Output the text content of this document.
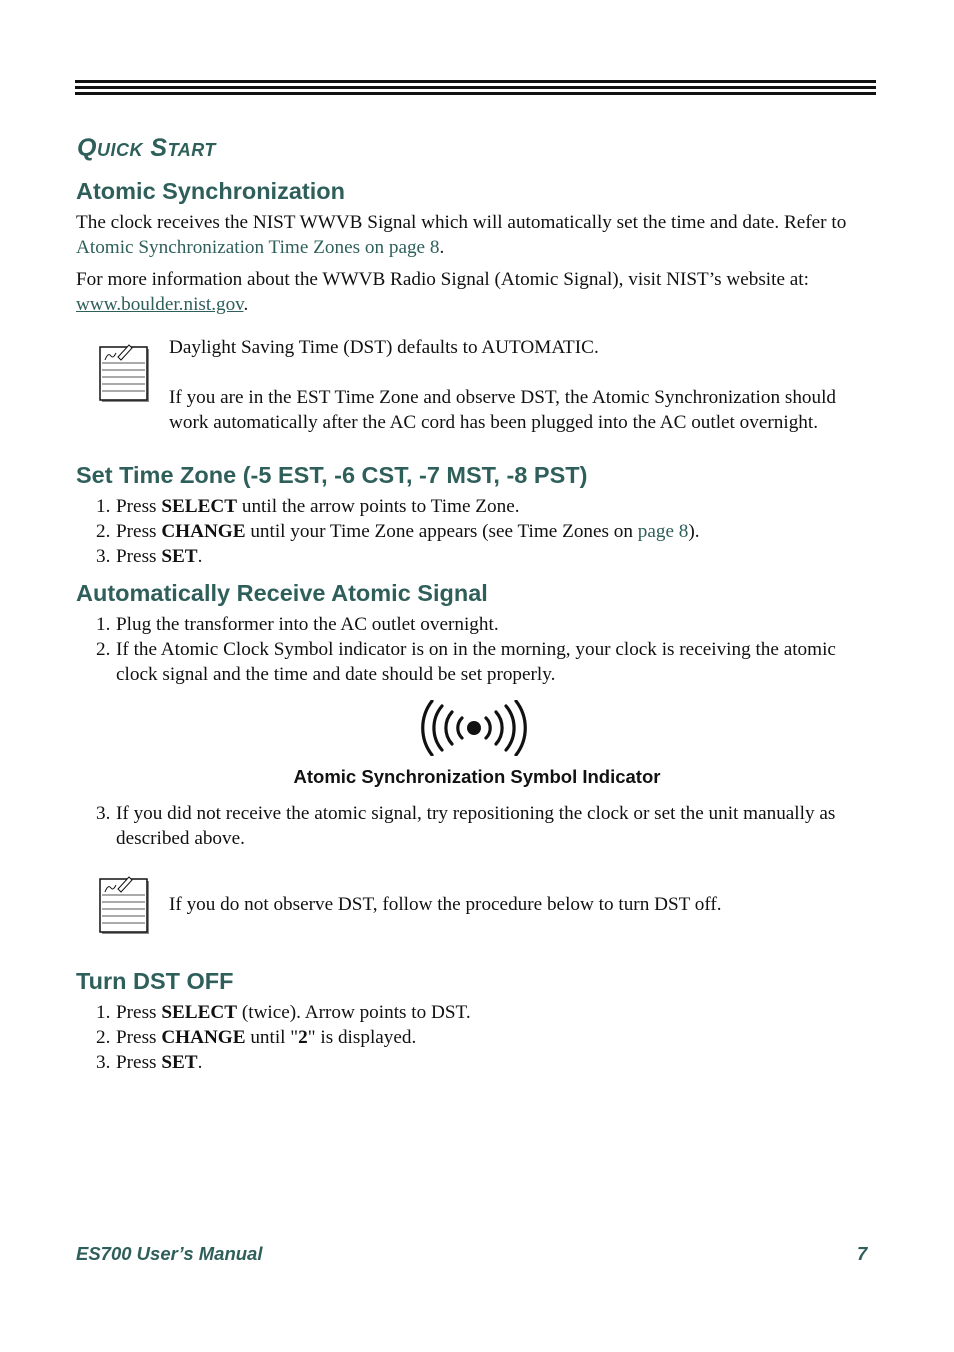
Quick Start
Atomic Synchronization

The clock receives the NIST WWVB Signal which will automatically set the time and date. Refer to Atomic Synchronization Time Zones on page 8.

For more information about the WWVB Radio Signal (Atomic Signal), visit NIST’s website at:
www.boulder.nist.gov.

Daylight Saving Time (DST) defaults to AUTOMATIC.

If you are in the EST Time Zone and observe DST, the Atomic Synchronization should work automatically after the AC cord has been plugged into the AC outlet overnight.

Set Time Zone (-5 EST, -6 CST, -7 MST, -8 PST)
1. Press SELECT until the arrow points to Time Zone.
2. Press CHANGE until your Time Zone appears (see Time Zones on page 8).
3. Press SET.
Automatically Receive Atomic Signal
1. Plug the transformer into the AC outlet overnight.
2. If the Atomic Clock Symbol indicator is on in the morning, your clock is receiving the atomic clock signal and the time and date should be set properly.
Atomic Synchronization Symbol Indicator
3. If you did not receive the atomic signal, try repositioning the clock or set the unit manually as described above.

If you do not observe DST, follow the procedure below to turn DST off.

Turn DST OFF
1. Press SELECT (twice). Arrow points to DST.
2. Press CHANGE until "2" is displayed.
3. Press SET.
ES700 User’s Manual	7
